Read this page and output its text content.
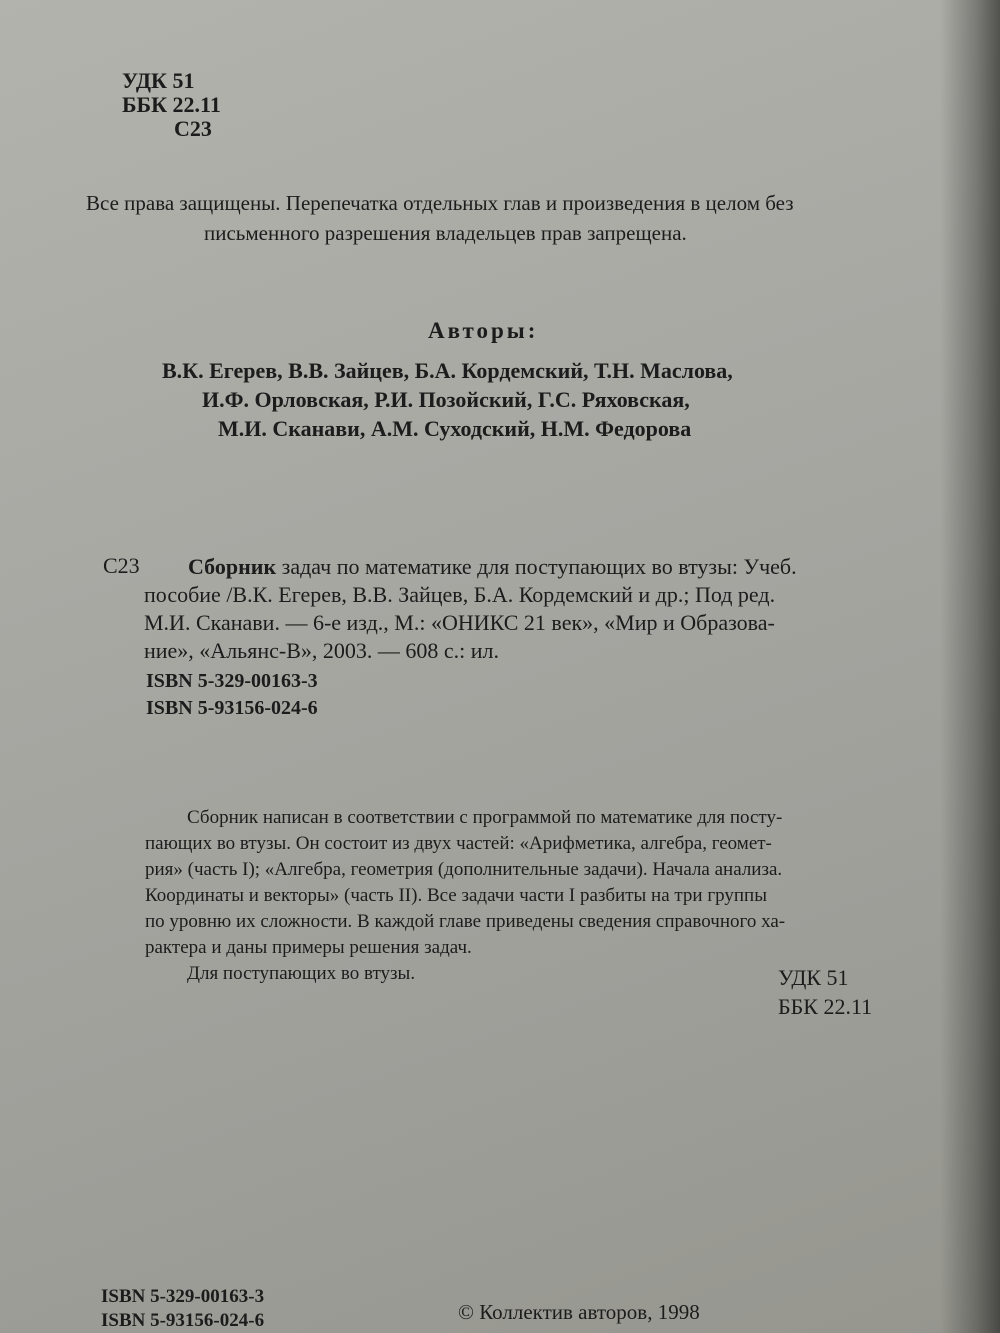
УДК 51
ББК 22.11
С23
Все права защищены. Перепечатка отдельных глав и произведения в целом без
письменного разрешения владельцев прав запрещена.
Авторы:
В.К. Егерев, В.В. Зайцев, Б.А. Кордемский, Т.Н. Маслова,
И.Ф. Орловская, Р.И. Позойский, Г.С. Ряховская,
М.И. Сканави, А.М. Суходский, Н.М. Федорова
С23 Сборник задач по математике для поступающих во втузы: Учеб.
пособие /В.К. Егерев, В.В. Зайцев, Б.А. Кордемский и др.; Под ред.
М.И. Сканави. — 6-е изд., М.: «ОНИКС 21 век», «Мир и Образова-
ние», «Альянс-В», 2003. — 608 с.: ил.
ISBN 5-329-00163-3
ISBN 5-93156-024-6
Сборник написан в соответствии с программой по математике для посту-
пающих во втузы. Он состоит из двух частей: «Арифметика, алгебра, геомет-
рия» (часть I); «Алгебра, геометрия (дополнительные задачи). Начала анализа.
Координаты и векторы» (часть II). Все задачи части I разбиты на три группы
по уровню их сложности. В каждой главе приведены сведения справочного ха-
рактера и даны примеры решения задач.
Для поступающих во втузы.	УДК 51
ББК 22.11
ISBN 5-329-00163-3
ISBN 5-93156-024-6	© Коллектив авторов, 1998
